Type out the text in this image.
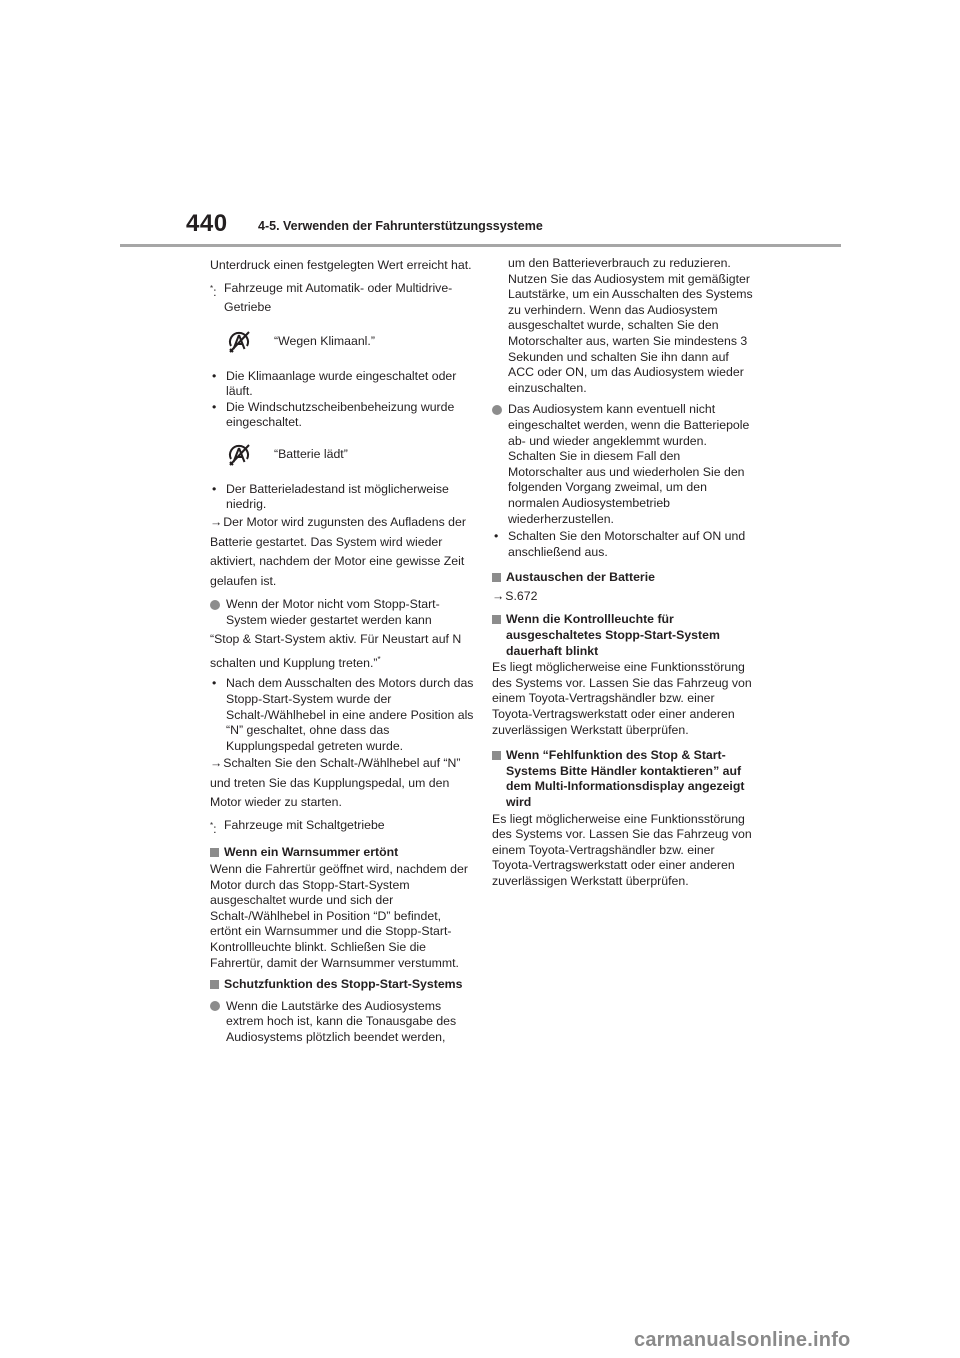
440 4-5. Verwenden der Fahrunterstützungssysteme

Unterdruck einen festgelegten Wert erreicht hat.

*: Fahrzeuge mit Automatik- oder Multidrive-Getriebe
“Wegen Klimaanl.”
• Die Klimaanlage wurde eingeschaltet oder läuft.
• Die Windschutzscheibenbeheizung wurde eingeschaltet.
“Batterie lädt”
• Der Batterieladestand ist möglicherweise niedrig.

→Der Motor wird zugunsten des Aufladens der Batterie gestartet. Das System wird wieder aktiviert, nachdem der Motor eine gewisse Zeit gelaufen ist.

Wenn der Motor nicht vom Stopp-Start-System wieder gestartet werden kann

“Stop & Start-System aktiv. Für Neustart auf N schalten und Kupplung treten.”*

• Nach dem Ausschalten des Motors durch das Stopp-Start-System wurde der Schalt-/Wählhebel in eine andere Position als “N” geschaltet, ohne dass das Kupplungspedal getreten wurde.

→Schalten Sie den Schalt-/Wählhebel auf “N” und treten Sie das Kupplungspedal, um den Motor wieder zu starten.

*: Fahrzeuge mit Schaltgetriebe
Wenn ein Warnsummer ertönt

Wenn die Fahrertür geöffnet wird, nachdem der Motor durch das Stopp-Start-System ausgeschaltet wurde und sich der Schalt-/Wählhebel in Position “D” befindet, ertönt ein Warnsummer und die Stopp-Start-Kontrollleuchte blinkt. Schließen Sie die Fahrertür, damit der Warnsummer verstummt.

Schutzfunktion des Stopp-Start-Systems
Wenn die Lautstärke des Audiosystems extrem hoch ist, kann die Tonausgabe des Audiosystems plötzlich beendet werden,

um den Batterieverbrauch zu reduzieren. Nutzen Sie das Audiosystem mit gemäßigter Lautstärke, um ein Ausschalten des Systems zu verhindern. Wenn das Audiosystem ausgeschaltet wurde, schalten Sie den Motorschalter aus, warten Sie mindestens 3 Sekunden und schalten Sie ihn dann auf ACC oder ON, um das Audiosystem wieder einzuschalten.

Das Audiosystem kann eventuell nicht eingeschaltet werden, wenn die Batteriepole ab- und wieder angeklemmt wurden. Schalten Sie in diesem Fall den Motorschalter aus und wiederholen Sie den folgenden Vorgang zweimal, um den normalen Audiosystembetrieb wiederherzustellen.
• Schalten Sie den Motorschalter auf ON und anschließend aus.
Austauschen der Batterie

→S.672

Wenn die Kontrollleuchte für ausgeschaltetes Stopp-Start-System dauerhaft blinkt

Es liegt möglicherweise eine Funktionsstörung des Systems vor. Lassen Sie das Fahrzeug von einem Toyota-Vertragshändler bzw. einer Toyota-Vertragswerkstatt oder einer anderen zuverlässigen Werkstatt überprüfen.

Wenn “Fehlfunktion des Stop & Start-Systems Bitte Händler kontaktieren” auf dem Multi-Informationsdisplay angezeigt wird

Es liegt möglicherweise eine Funktionsstörung des Systems vor. Lassen Sie das Fahrzeug von einem Toyota-Vertragshändler bzw. einer Toyota-Vertragswerkstatt oder einer anderen zuverlässigen Werkstatt überprüfen.

carmanualsonline.info
